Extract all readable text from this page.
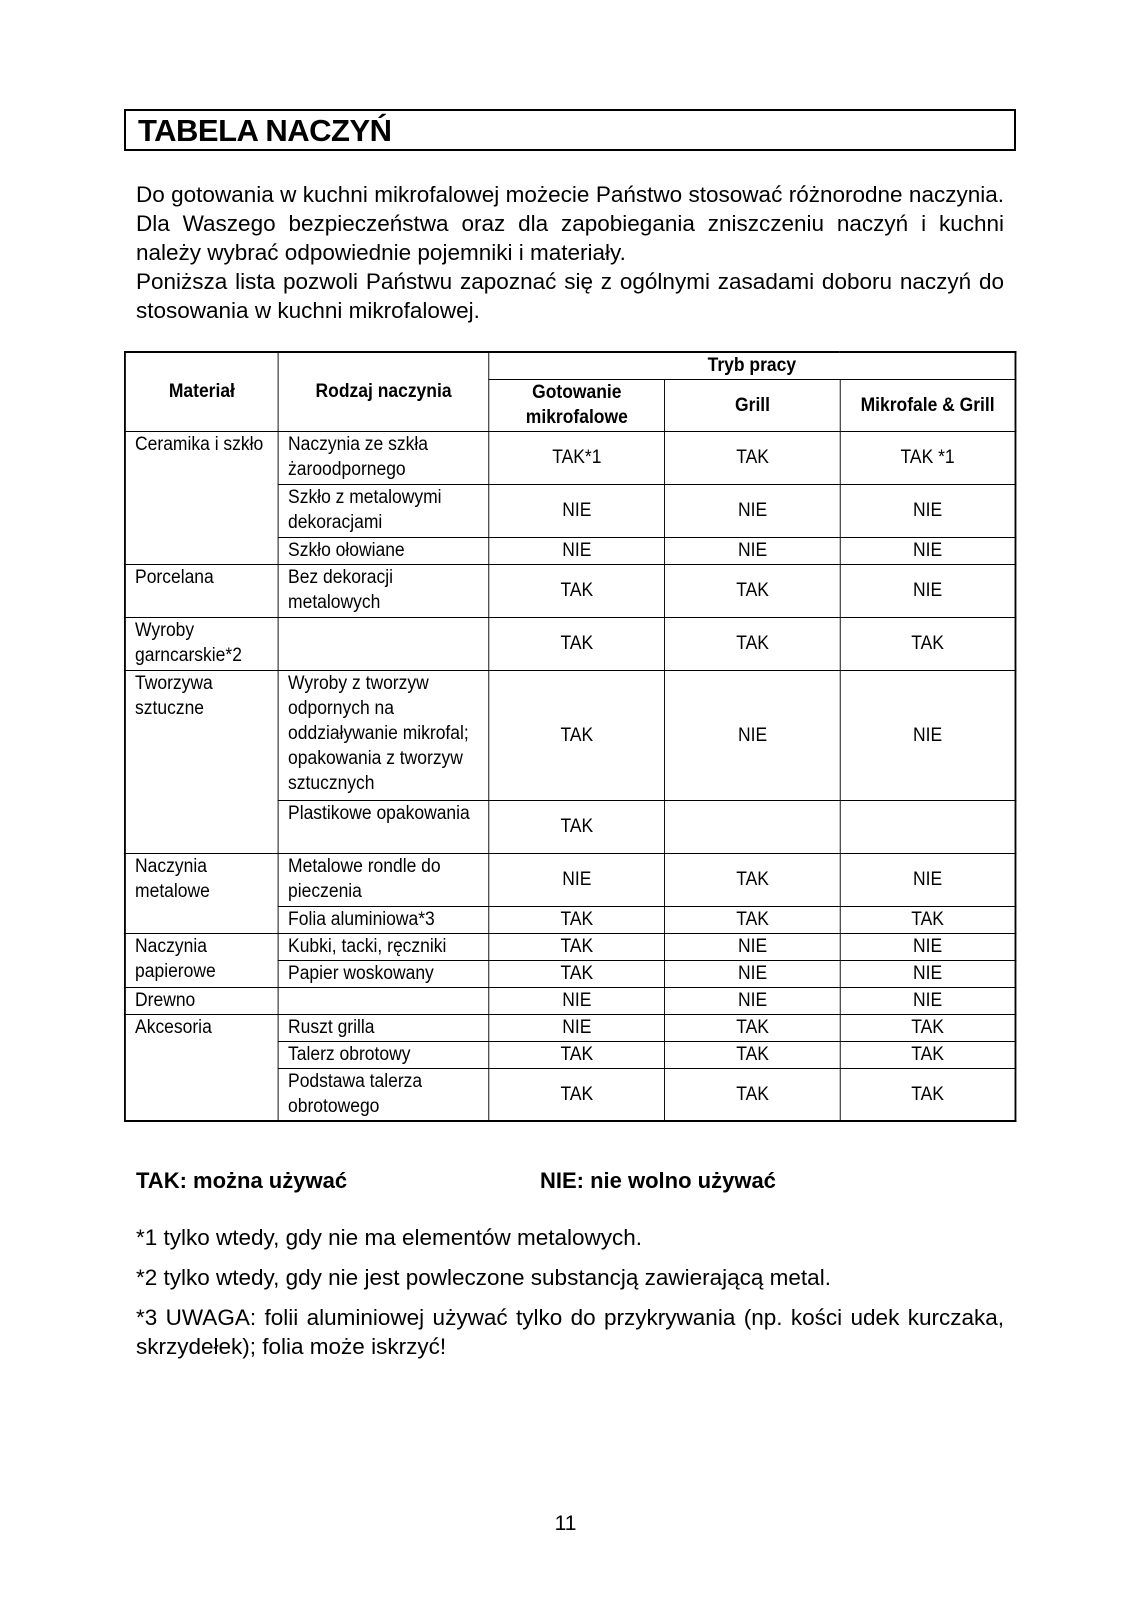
TABELA NACZYŃ

Do gotowania w kuchni mikrofalowej możecie Państwo stosować różnorodne naczynia. Dla Waszego bezpieczeństwa oraz dla zapobiegania zniszczeniu naczyń i kuchni należy wybrać odpowiednie pojemniki i materiały.

Poniższa lista pozwoli Państwu zapoznać się z ogólnymi zasadami doboru naczyń do stosowania w kuchni mikrofalowej.

Materiał	Rodzaj naczynia	Tryb pracy		
		Gotowanie mikrofalowe	Grill	Mikrofale & Grill
Ceramika i szkło	Naczynia ze szkła żaroodpornego	TAK*1	TAK	TAK *1
	Szkło z metalowymi dekoracjami	NIE	NIE	NIE
	Szkło ołowiane	NIE	NIE	NIE
Porcelana	Bez dekoracji metalowych	TAK	TAK	NIE
Wyroby garncarskie*2		TAK	TAK	TAK
Tworzywa sztuczne	Wyroby z tworzyw odpornych na oddziaływanie mikrofal; opakowania z tworzyw sztucznych	TAK	NIE	NIE
	Plastikowe opakowania	TAK		
Naczynia metalowe	Metalowe rondle do pieczenia	NIE	TAK	NIE
	Folia aluminiowa*3	TAK	TAK	TAK
Naczynia papierowe	Kubki, tacki, ręczniki	TAK	NIE	NIE
	Papier woskowany	TAK	NIE	NIE
Drewno		NIE	NIE	NIE
Akcesoria	Ruszt grilla	NIE	TAK	TAK
	Talerz obrotowy	TAK	TAK	TAK
	Podstawa talerza obrotowego	TAK	TAK	TAK
TAK: można używać	NIE: nie wolno używać

*1 tylko wtedy, gdy nie ma elementów metalowych.

*2 tylko wtedy, gdy nie jest powleczone substancją zawierającą metal.

*3 UWAGA: folii aluminiowej używać tylko do przykrywania (np. kości udek kurczaka, skrzydełek); folia może iskrzyć!

11
